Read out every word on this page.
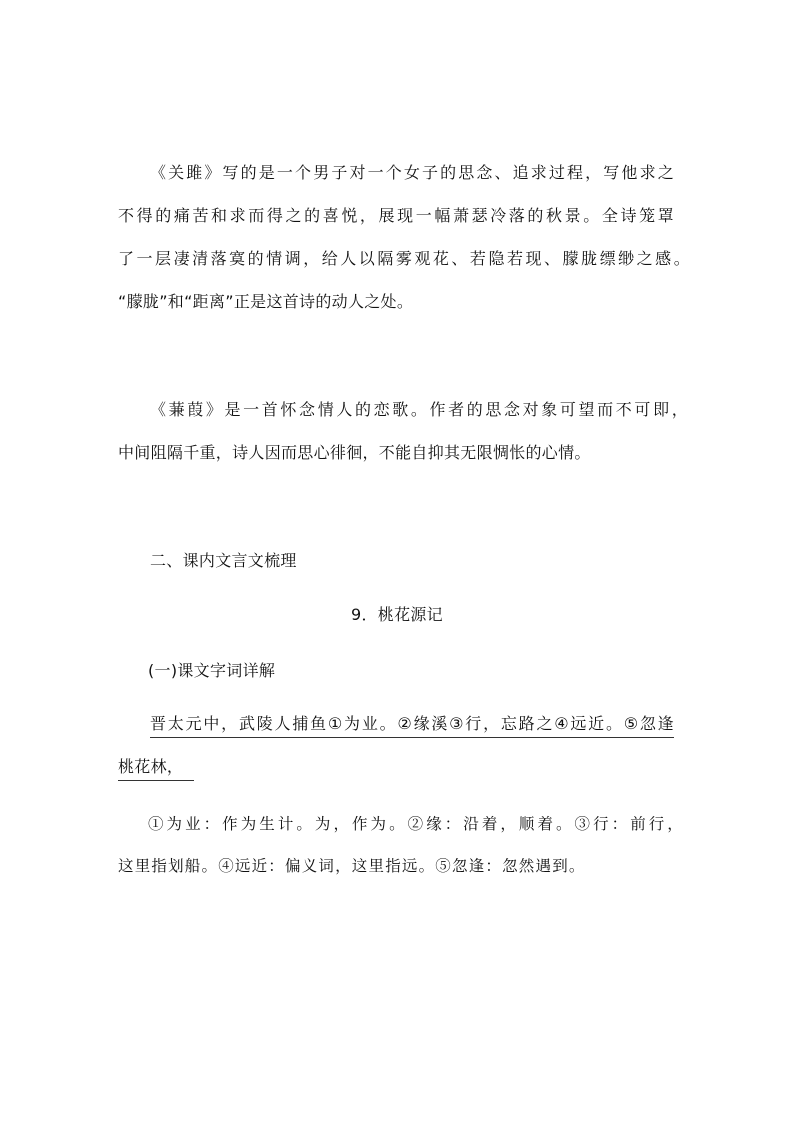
《关雎》写的是一个男子对一个女子的思念、追求过程，写他求之
不得的痛苦和求而得之的喜悦，展现一幅萧瑟冷落的秋景。全诗笼罩
了一层凄清落寞的情调，给人以隔雾观花、若隐若现、朦胧缥缈之感。
“朦胧”和“距离”正是这首诗的动人之处。
《蒹葭》是一首怀念情人的恋歌。作者的思念对象可望而不可即，
中间阻隔千重，诗人因而思心徘徊，不能自抑其无限惆怅的心情。
二、课内文言文梳理
9．桃花源记
(一)课文字词详解
晋太元中，武陵人捕鱼①为业。②缘溪③行，忘路之④远近。⑤忽逢
桃花林，
①为业：作为生计。为，作为。②缘：沿着，顺着。③行：前行，
这里指划船。④远近：偏义词，这里指远。⑤忽逢：忽然遇到。
